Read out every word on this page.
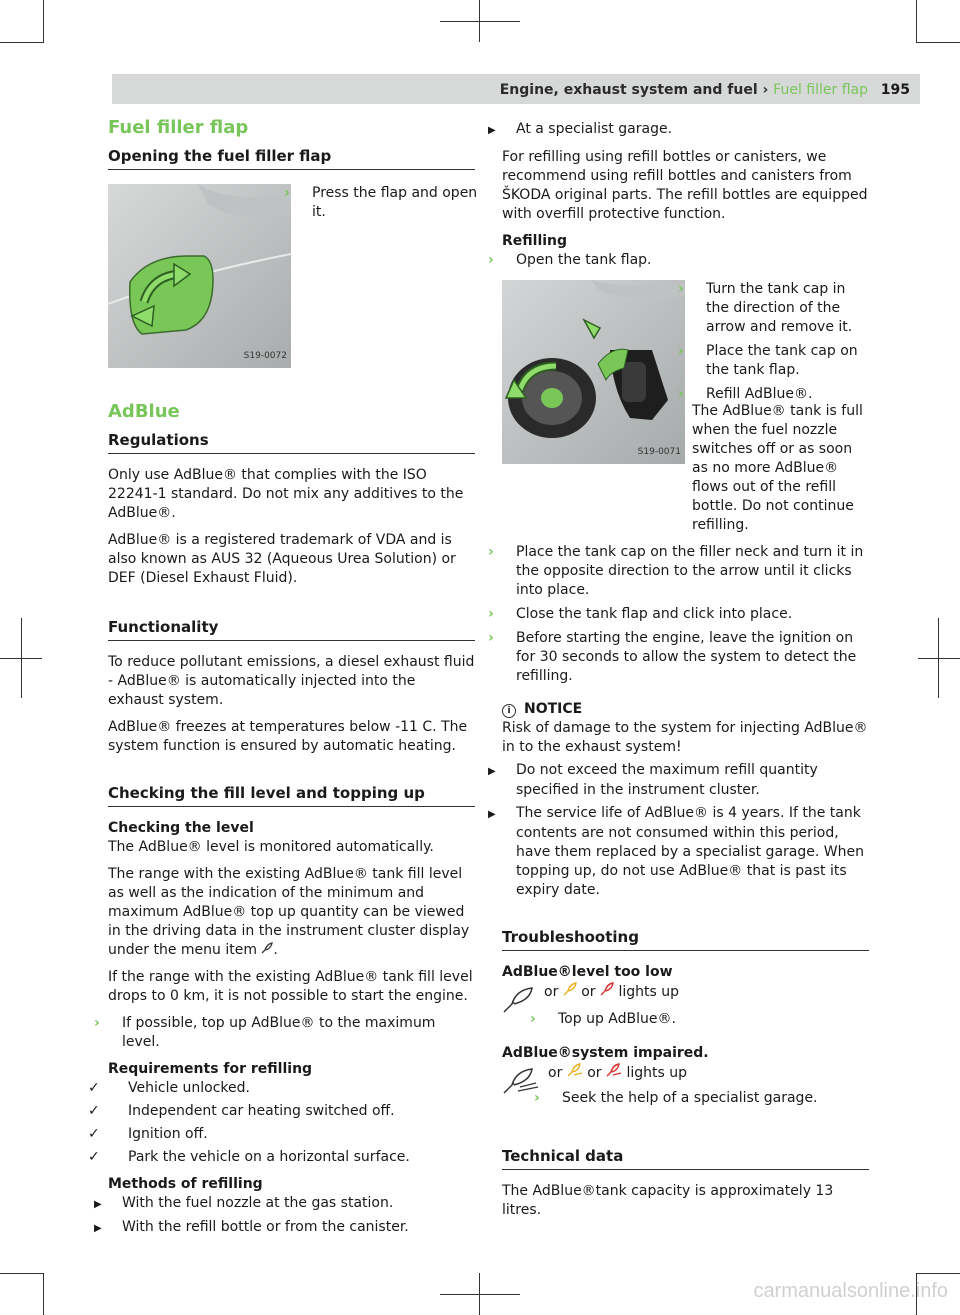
Engine, exhaust system and fuel › Fuel filler flap 195
Fuel filler flap
Opening the fuel filler flap
S19-0072
› Press the flap and open it.
AdBlue
Regulations

Only use AdBlue® that complies with the ISO 22241-1 standard. Do not mix any additives to the AdBlue®.

AdBlue® is a registered trademark of VDA and is also known as AUS 32 (Aqueous Urea Solution) or DEF (Diesel Exhaust Fluid).

Functionality

To reduce pollutant emissions, a diesel exhaust fluid - AdBlue® is automatically injected into the exhaust system.

AdBlue® freezes at temperatures below -11 C. The system function is ensured by automatic heating.

Checking the fill level and topping up
Checking the level

The AdBlue® level is monitored automatically.

The range with the existing AdBlue® tank fill level as well as the indication of the minimum and maximum AdBlue® top up quantity can be viewed in the driving data in the instrument cluster display under the menu item .

If the range with the existing AdBlue® tank fill level drops to 0 km, it is not possible to start the engine.

› If possible, top up AdBlue® to the maximum level.
Requirements for refilling
✓ Vehicle unlocked.
✓ Independent car heating switched off.
✓ Ignition off.
✓ Park the vehicle on a horizontal surface.
Methods of refilling
▶ With the fuel nozzle at the gas station.
▶ With the refill bottle or from the canister.
▶ At a specialist garage.

For refilling using refill bottles or canisters, we recommend using refill bottles and canisters from ŠKODA original parts. The refill bottles are equipped with overfill protective function.

Refilling
› Open the tank flap.
S19-0071
› Turn the tank cap in the direction of the arrow and remove it.
› Place the tank cap on the tank flap.
› Refill AdBlue®.

The AdBlue® tank is full when the fuel nozzle switches off or as soon as no more AdBlue® flows out of the refill bottle. Do not continue refilling.

› Place the tank cap on the filler neck and turn it in the opposite direction to the arrow until it clicks into place.
› Close the tank flap and click into place.
› Before starting the engine, leave the ignition on for 30 seconds to allow the system to detect the refilling.
i NOTICE
Risk of damage to the system for injecting AdBlue® in to the exhaust system!
▶ Do not exceed the maximum refill quantity specified in the instrument cluster.
▶ The service life of AdBlue® is 4 years. If the tank contents are not consumed within this period, have them replaced by a specialist garage. When topping up, do not use AdBlue® that is past its expiry date.
Troubleshooting
AdBlue®level too low
or or lights up
› Top up AdBlue®.
AdBlue®system impaired.
or or lights up
› Seek the help of a specialist garage.
Technical data

The AdBlue®tank capacity is approximately 13 litres.

carmanualsonline.info
